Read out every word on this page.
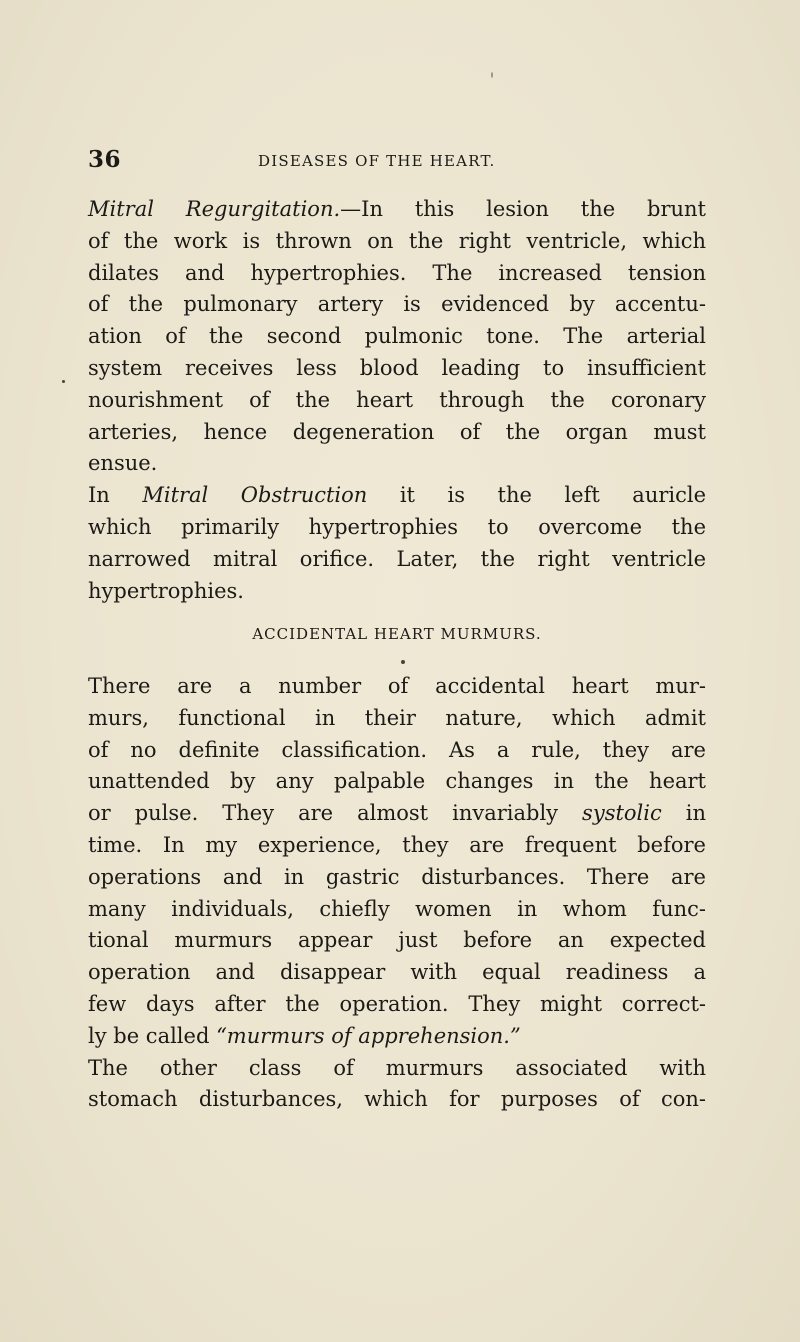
36	DISEASES OF THE HEART.

Mitral Regurgitation.—In this lesion the brunt

of the work is thrown on the right ventricle, which

dilates and hypertrophies. The increased tension

of the pulmonary artery is evidenced by accentu-

ation of the second pulmonic tone. The arterial

system receives less blood leading to insufficient

nourishment of the heart through the coronary

arteries, hence degeneration of the organ must

ensue.

In Mitral Obstruction it is the left auricle

which primarily hypertrophies to overcome the

narrowed mitral orifice. Later, the right ventricle

hypertrophies.

ACCIDENTAL HEART MURMURS.

There are a number of accidental heart mur-

murs, functional in their nature, which admit

of no definite classification. As a rule, they are

unattended by any palpable changes in the heart

or pulse. They are almost invariably systolic in

time. In my experience, they are frequent before

operations and in gastric disturbances. There are

many individuals, chiefly women in whom func-

tional murmurs appear just before an expected

operation and disappear with equal readiness a

few days after the operation. They might correct-

ly be called “murmurs of apprehension.”

The other class of murmurs associated with

stomach disturbances, which for purposes of con-
